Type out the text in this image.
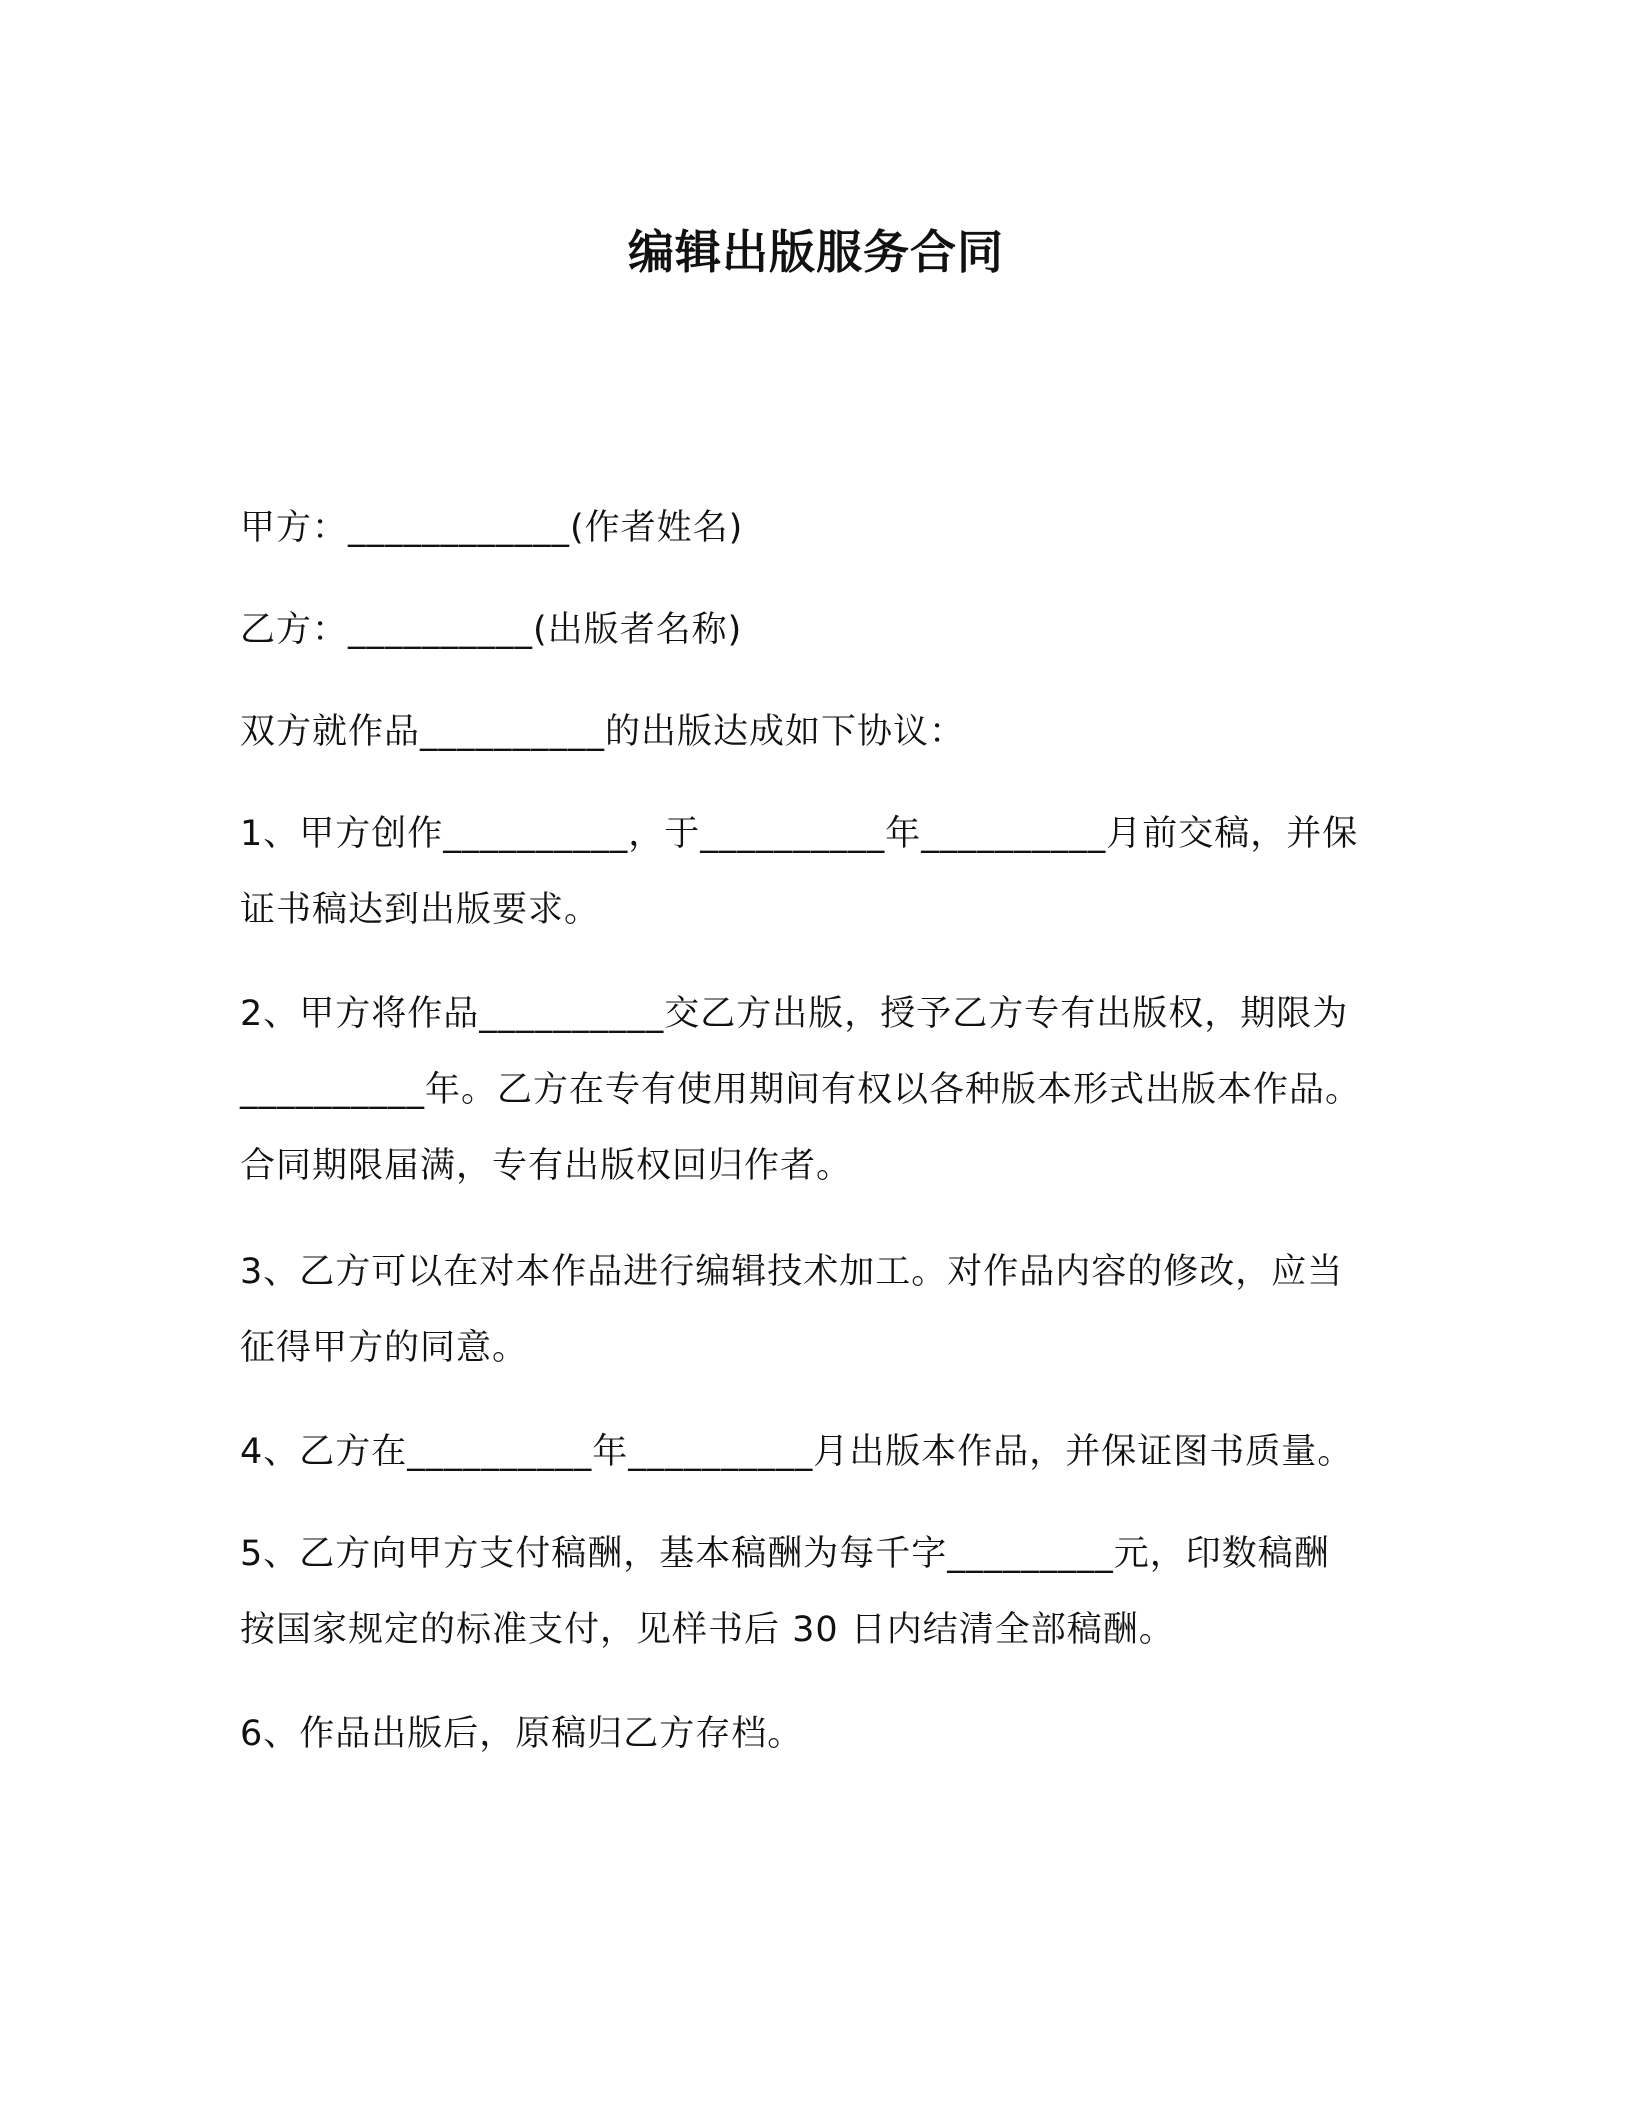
编辑出版服务合同
甲方：____________(作者姓名)
乙方：__________(出版者名称)
双方就作品__________的出版达成如下协议：
1、甲方创作__________，于__________年__________月前交稿，并保
证书稿达到出版要求。
2、甲方将作品__________交乙方出版，授予乙方专有出版权，期限为
__________年。乙方在专有使用期间有权以各种版本形式出版本作品。
合同期限届满，专有出版权回归作者。
3、乙方可以在对本作品进行编辑技术加工。对作品内容的修改，应当
征得甲方的同意。
4、乙方在__________年__________月出版本作品，并保证图书质量。
5、乙方向甲方支付稿酬，基本稿酬为每千字_________元，印数稿酬
按国家规定的标准支付，见样书后 30 日内结清全部稿酬。
6、作品出版后，原稿归乙方存档。
